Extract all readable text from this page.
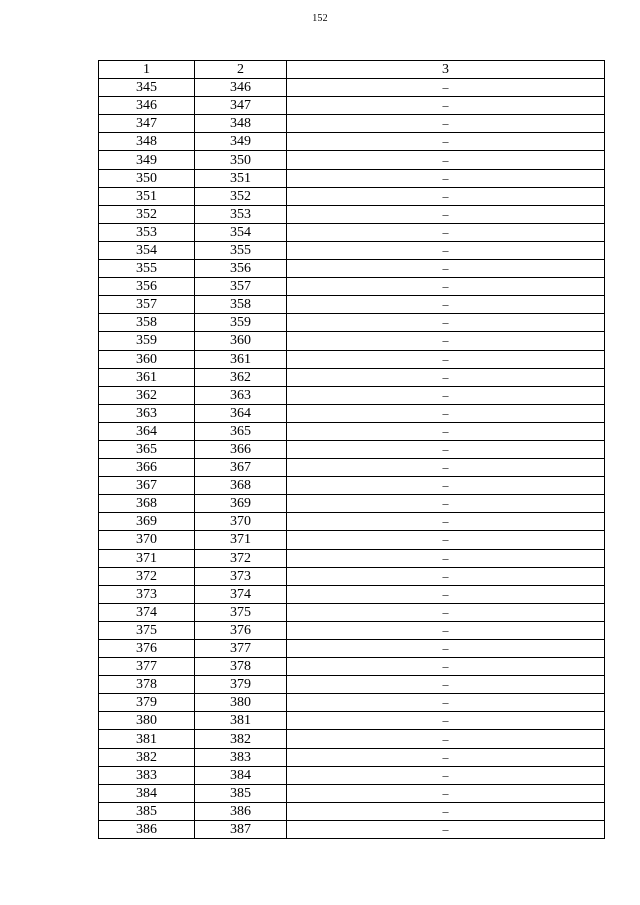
152
1	2	3
345	346	–
346	347	–
347	348	–
348	349	–
349	350	–
350	351	–
351	352	–
352	353	–
353	354	–
354	355	–
355	356	–
356	357	–
357	358	–
358	359	–
359	360	–
360	361	–
361	362	–
362	363	–
363	364	–
364	365	–
365	366	–
366	367	–
367	368	–
368	369	–
369	370	–
370	371	–
371	372	–
372	373	–
373	374	–
374	375	–
375	376	–
376	377	–
377	378	–
378	379	–
379	380	–
380	381	–
381	382	–
382	383	–
383	384	–
384	385	–
385	386	–
386	387	–
